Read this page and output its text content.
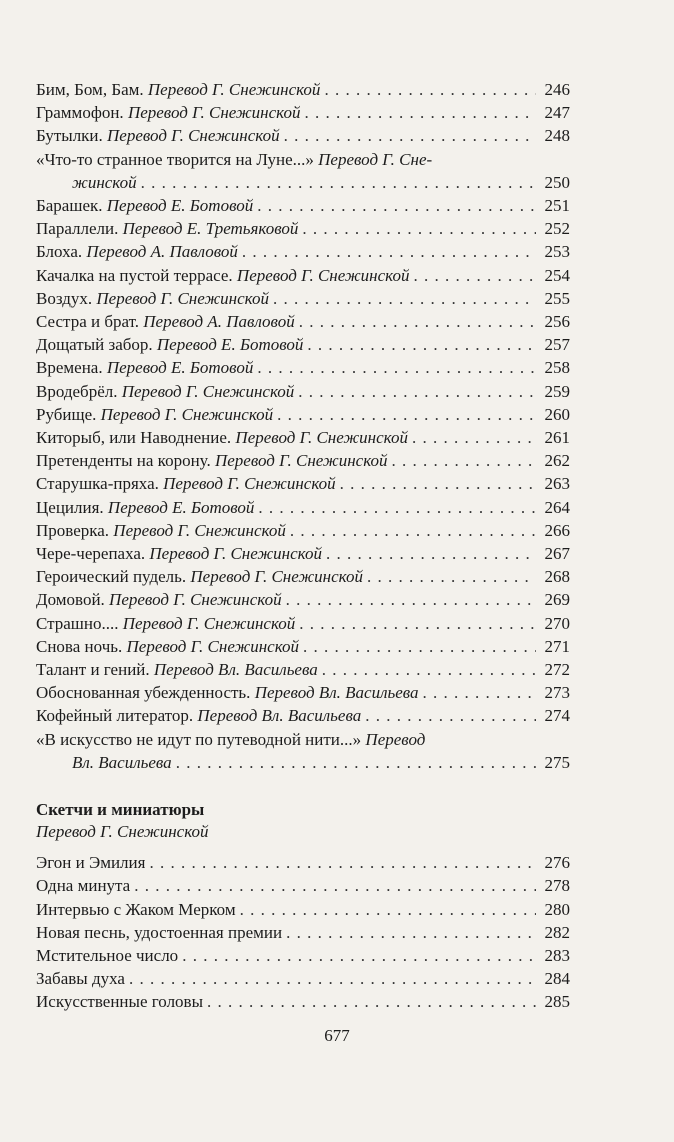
Бим, Бом, Бам. Перевод Г. Снежинской . . .	246
Граммофон. Перевод Г. Снежинской . . .	247
Бутылки. Перевод Г. Снежинской . . .	248
«Что-то странное творится на Луне...» Перевод Г. Сне-
жинской . . .	250
Барашек. Перевод Е. Ботовой . . .	251
Параллели. Перевод Е. Третьяковой . . .	252
Блоха. Перевод А. Павловой . . .	253
Качалка на пустой террасе. Перевод Г. Снежинской . . .	254
Воздух. Перевод Г. Снежинской . . .	255
Сестра и брат. Перевод А. Павловой . . .	256
Дощатый забор. Перевод Е. Ботовой . . .	257
Времена. Перевод Е. Ботовой . . .	258
Вродебрёл. Перевод Г. Снежинской . . .	259
Рубище. Перевод Г. Снежинской . . .	260
Киторыб, или Наводнение. Перевод Г. Снежинской . . .	261
Претенденты на корону. Перевод Г. Снежинской . . .	262
Старушка-пряха. Перевод Г. Снежинской . . .	263
Цецилия. Перевод Е. Ботовой . . .	264
Проверка. Перевод Г. Снежинской . . .	266
Чере-черепаха. Перевод Г. Снежинской . . .	267
Героический пудель. Перевод Г. Снежинской . . .	268
Домовой. Перевод Г. Снежинской . . .	269
Страшно.... Перевод Г. Снежинской . . .	270
Снова ночь. Перевод Г. Снежинской . . .	271
Талант и гений. Перевод Вл. Васильева . . .	272
Обоснованная убежденность. Перевод Вл. Васильева . . .	273
Кофейный литератор. Перевод Вл. Васильева . . .	274
«В искусство не идут по путеводной нити...» Перевод
Вл. Васильева . . .	275
Скетчи и миниатюры
Перевод Г. Снежинской
Эгон и Эмилия . . .	276
Одна минута . . .	278
Интервью с Жаком Мерком . . .	280
Новая песнь, удостоенная премии . . .	282
Мстительное число . . .	283
Забавы духа . . .	284
Искусственные головы . . .	285
677
